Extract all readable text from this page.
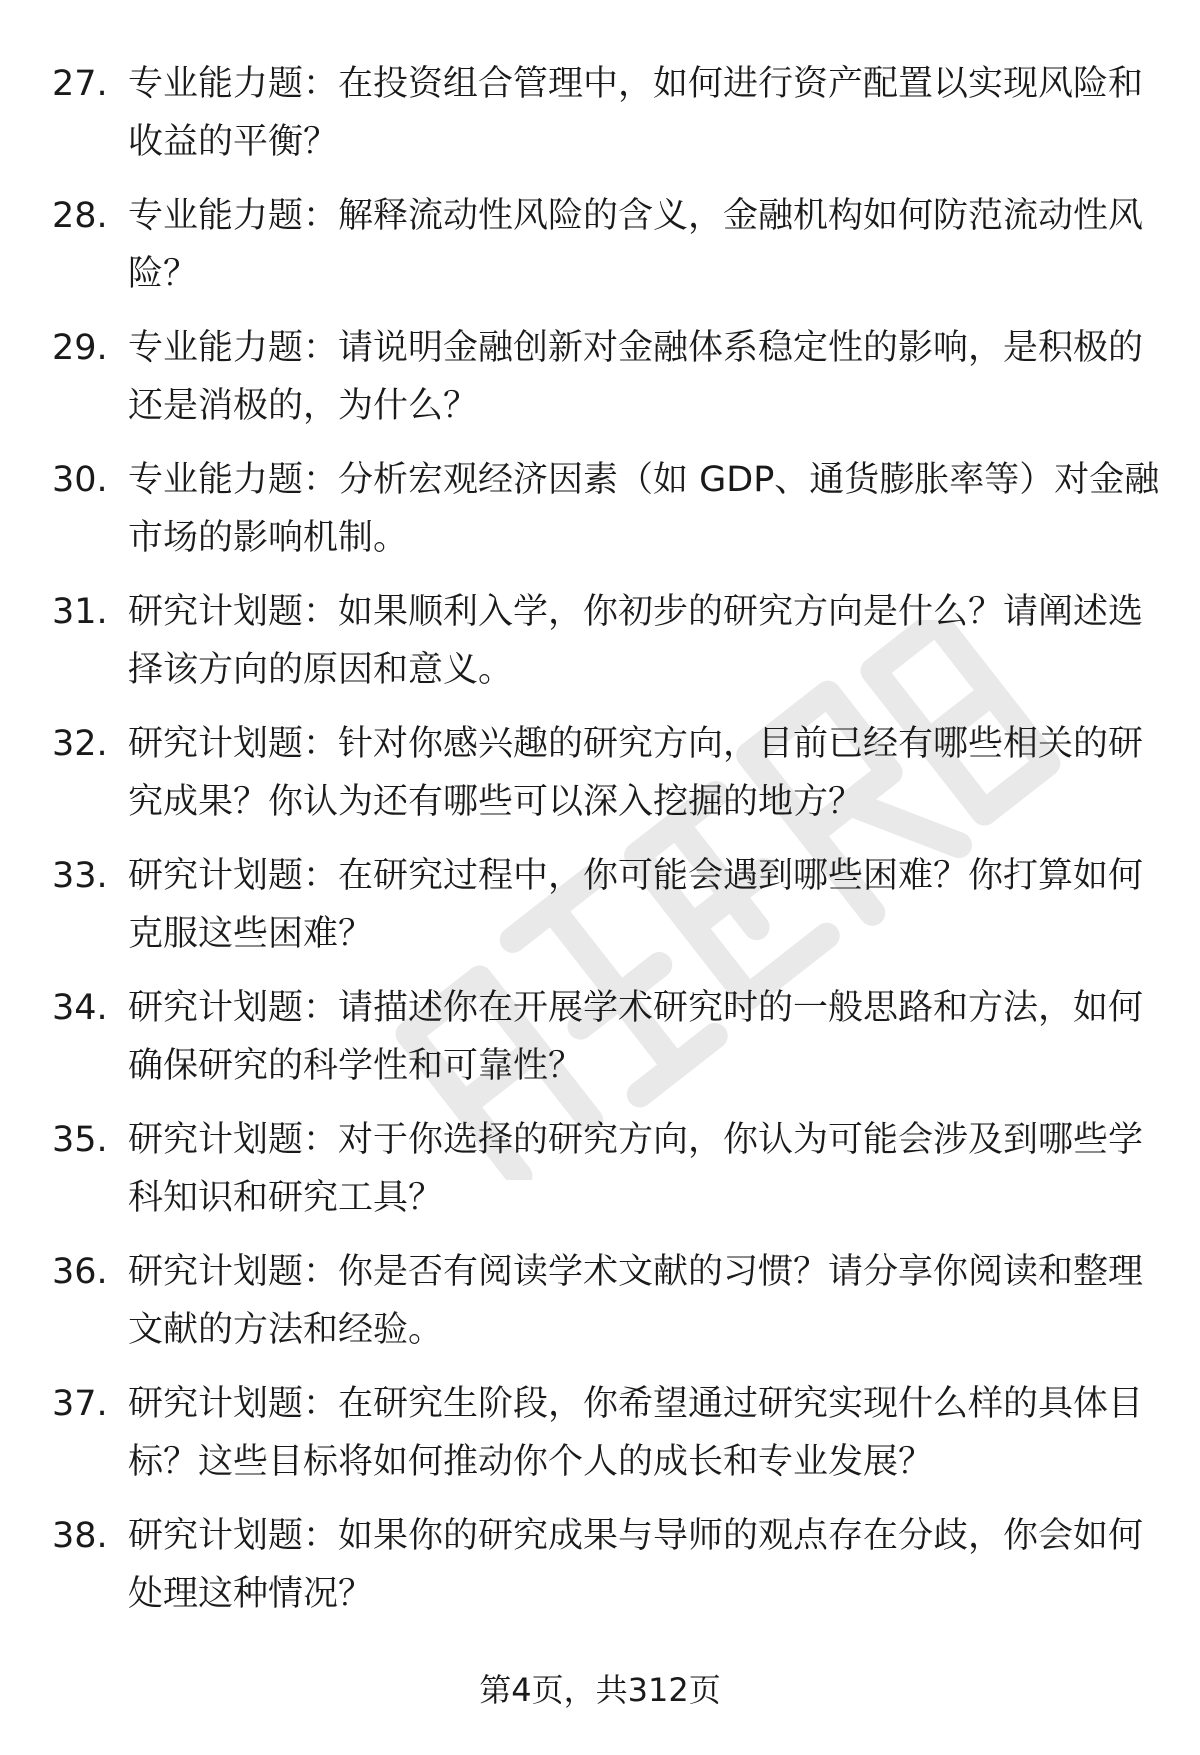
27. 专业能力题：在投资组合管理中，如何进行资产配置以实现风险和收益的平衡？
28. 专业能力题：解释流动性风险的含义，金融机构如何防范流动性风险？
29. 专业能力题：请说明金融创新对金融体系稳定性的影响，是积极的还是消极的，为什么？
30. 专业能力题：分析宏观经济因素（如 GDP、通货膨胀率等）对金融市场的影响机制。
31. 研究计划题：如果顺利入学，你初步的研究方向是什么？请阐述选择该方向的原因和意义。
32. 研究计划题：针对你感兴趣的研究方向，目前已经有哪些相关的研究成果？你认为还有哪些可以深入挖掘的地方？
33. 研究计划题：在研究过程中，你可能会遇到哪些困难？你打算如何克服这些困难？
34. 研究计划题：请描述你在开展学术研究时的一般思路和方法，如何确保研究的科学性和可靠性？
35. 研究计划题：对于你选择的研究方向，你认为可能会涉及到哪些学科知识和研究工具？
36. 研究计划题：你是否有阅读学术文献的习惯？请分享你阅读和整理文献的方法和经验。
37. 研究计划题：在研究生阶段，你希望通过研究实现什么样的具体目标？这些目标将如何推动你个人的成长和专业发展？
38. 研究计划题：如果你的研究成果与导师的观点存在分歧，你会如何处理这种情况？
第4页，共312页
